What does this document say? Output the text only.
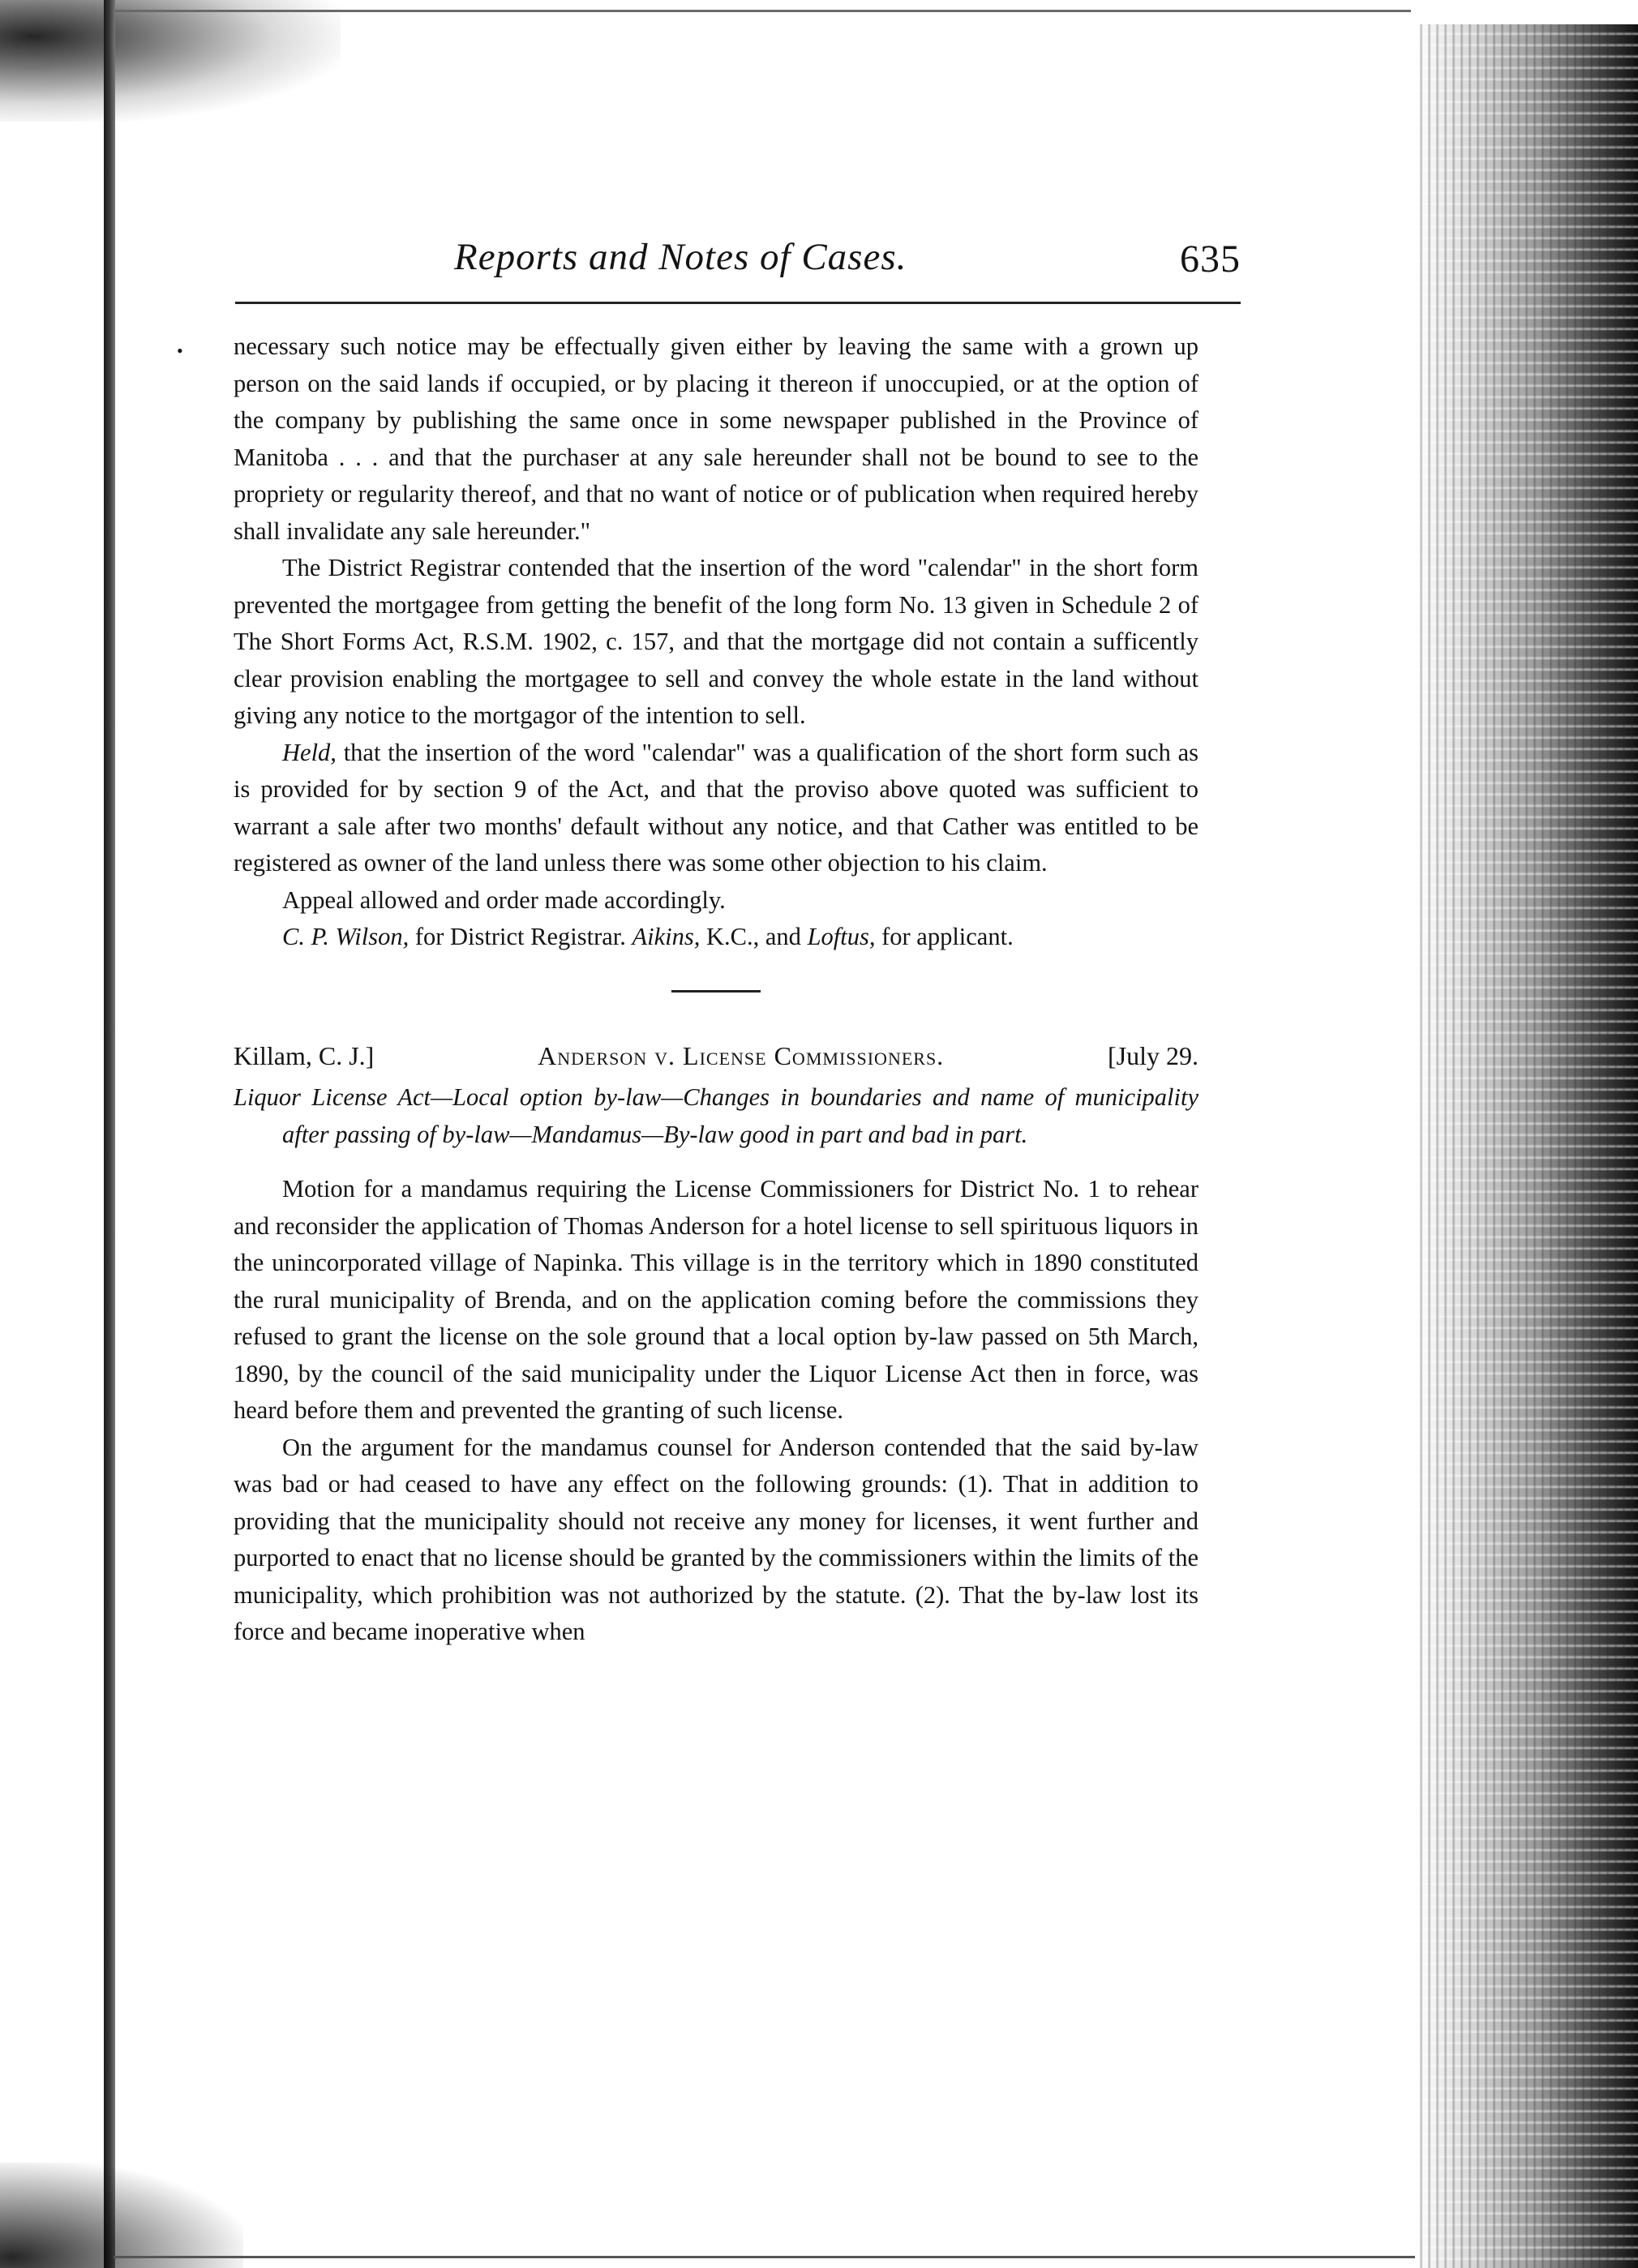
Reports and Notes of Cases.	635
• necessary such notice may be effectually given either by leaving the same with a grown up person on the said lands if occupied, or by placing it thereon if unoccupied, or at the option of the company by publishing the same once in some newspaper published in the Province of Manitoba . . . and that the purchaser at any sale hereunder shall not be bound to see to the propriety or regularity thereof, and that no want of notice or of publication when required hereby shall invalidate any sale hereunder."

The District Registrar contended that the insertion of the word "calendar" in the short form prevented the mortgagee from getting the benefit of the long form No. 13 given in Schedule 2 of The Short Forms Act, R.S.M. 1902, c. 157, and that the mortgage did not contain a sufficently clear provision enabling the mortgagee to sell and convey the whole estate in the land without giving any notice to the mortgagor of the intention to sell.

Held, that the insertion of the word "calendar" was a qualification of the short form such as is provided for by section 9 of the Act, and that the proviso above quoted was sufficient to warrant a sale after two months' default without any notice, and that Cather was entitled to be registered as owner of the land unless there was some other objection to his claim.

Appeal allowed and order made accordingly.

C. P. Wilson, for District Registrar. Aikins, K.C., and Loftus, for applicant.

Killam, C. J.]	Anderson v. License Commissioners.	[July 29.

Liquor License Act—Local option by-law—Changes in boundaries and name of municipality after passing of by-law—Mandamus—By-law good in part and bad in part.

Motion for a mandamus requiring the License Commissioners for District No. 1 to rehear and reconsider the application of Thomas Anderson for a hotel license to sell spirituous liquors in the unincorporated village of Napinka. This village is in the territory which in 1890 constituted the rural municipality of Brenda, and on the application coming before the commissions they refused to grant the license on the sole ground that a local option by-law passed on 5th March, 1890, by the council of the said municipality under the Liquor License Act then in force, was heard before them and prevented the granting of such license.

On the argument for the mandamus counsel for Anderson contended that the said by-law was bad or had ceased to have any effect on the following grounds: (1). That in addition to providing that the municipality should not receive any money for licenses, it went further and purported to enact that no license should be granted by the commissioners within the limits of the municipality, which prohibition was not authorized by the statute. (2). That the by-law lost its force and became inoperative when
